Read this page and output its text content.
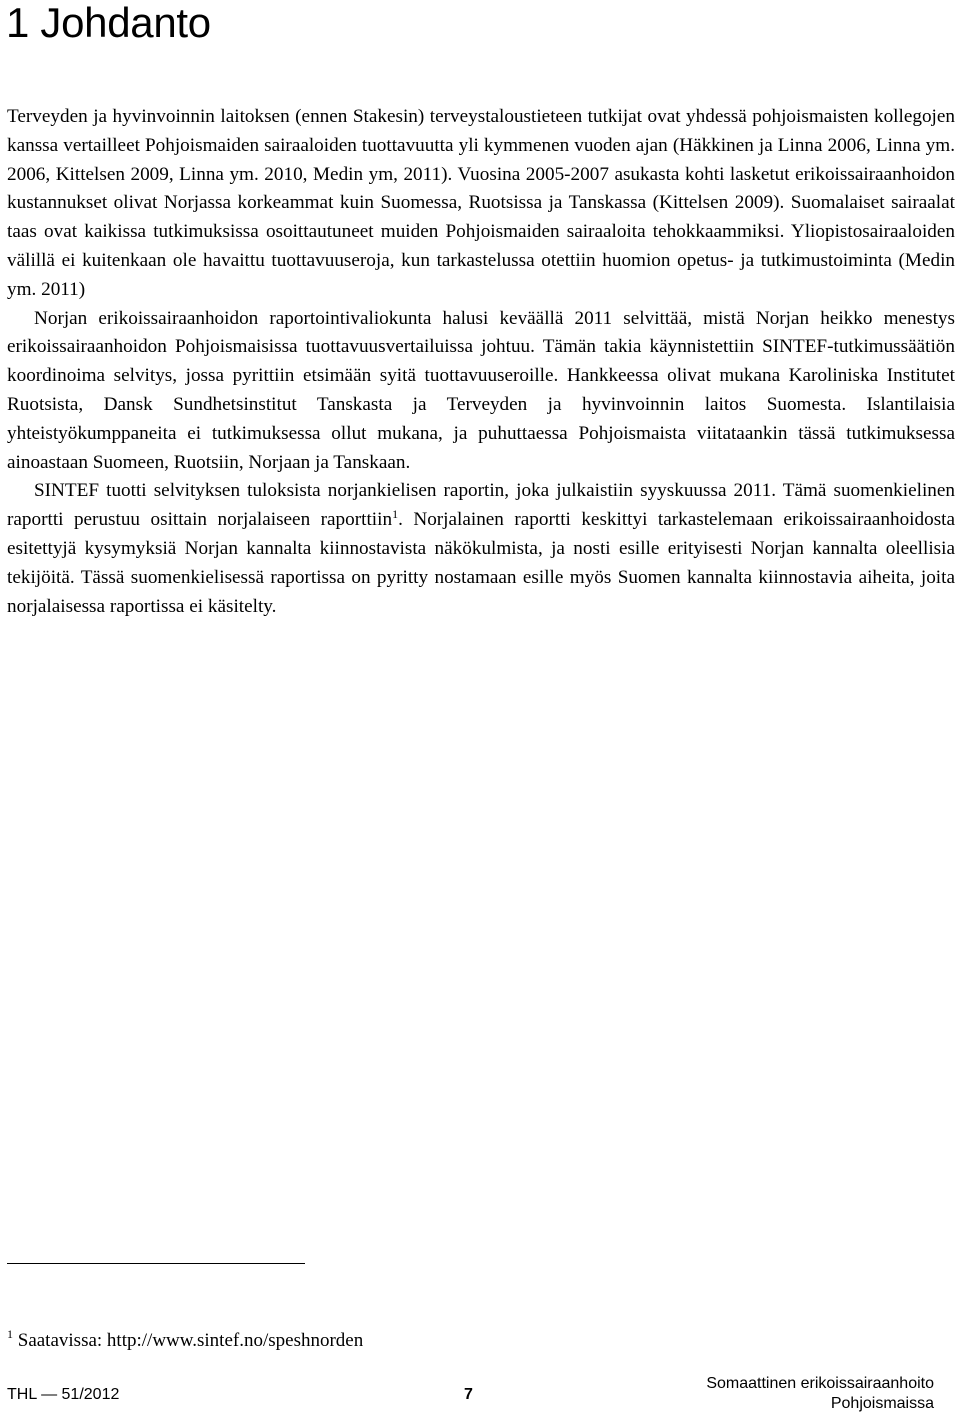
1 Johdanto

Terveyden ja hyvinvoinnin laitoksen (ennen Stakesin) terveystaloustieteen tutkijat ovat yhdessä pohjoismaisten kollegojen kanssa vertailleet Pohjoismaiden sairaaloiden tuottavuutta yli kymmenen vuoden ajan (Häkkinen ja Linna 2006, Linna ym. 2006, Kittelsen 2009, Linna ym. 2010, Medin ym, 2011). Vuosina 2005-2007 asukasta kohti lasketut erikoissairaanhoidon kustannukset olivat Norjassa korkeammat kuin Suomessa, Ruotsissa ja Tanskassa (Kittelsen 2009). Suomalaiset sairaalat taas ovat kaikissa tutkimuksissa osoittautuneet muiden Pohjoismaiden sairaaloita tehokkaammiksi. Yliopistosairaaloiden välillä ei kuitenkaan ole havaittu tuottavuuseroja, kun tarkastelussa otettiin huomion opetus- ja tutkimustoiminta (Medin ym. 2011)

Norjan erikoissairaanhoidon raportointivaliokunta halusi keväällä 2011 selvittää, mistä Norjan heikko menestys erikoissairaanhoidon Pohjoismaisissa tuottavuusvertailuissa johtuu. Tämän takia käynnistettiin SINTEF-tutkimussäätiön koordinoima selvitys, jossa pyrittiin etsimään syitä tuottavuuseroille. Hankkeessa olivat mukana Karoliniska Institutet Ruotsista, Dansk Sundhetsinstitut Tanskasta ja Terveyden ja hyvinvoinnin laitos Suomesta. Islantilaisia yhteistyökumppaneita ei tutkimuksessa ollut mukana, ja puhuttaessa Pohjoismaista viitataankin tässä tutkimuksessa ainoastaan Suomeen, Ruotsiin, Norjaan ja Tanskaan.

SINTEF tuotti selvityksen tuloksista norjankielisen raportin, joka julkaistiin syyskuussa 2011. Tämä suomenkielinen raportti perustuu osittain norjalaiseen raporttiin$^1$. Norjalainen raportti keskittyi tarkastelemaan erikoissairaanhoidosta esitettyjä kysymyksiä Norjan kannalta kiinnostavista näkökulmista, ja nosti esille erityisesti Norjan kannalta oleellisia tekijöitä. Tässä suomenkielisessä raportissa on pyritty nostamaan esille myös Suomen kannalta kiinnostavia aiheita, joita norjalaisessa raportissa ei käsitelty.

$^1$ Saatavissa: http://www.sintef.no/speshnorden
THL — 51/2012	7
Somaattinen erikoissairaanhoito
Pohjoismaissa
